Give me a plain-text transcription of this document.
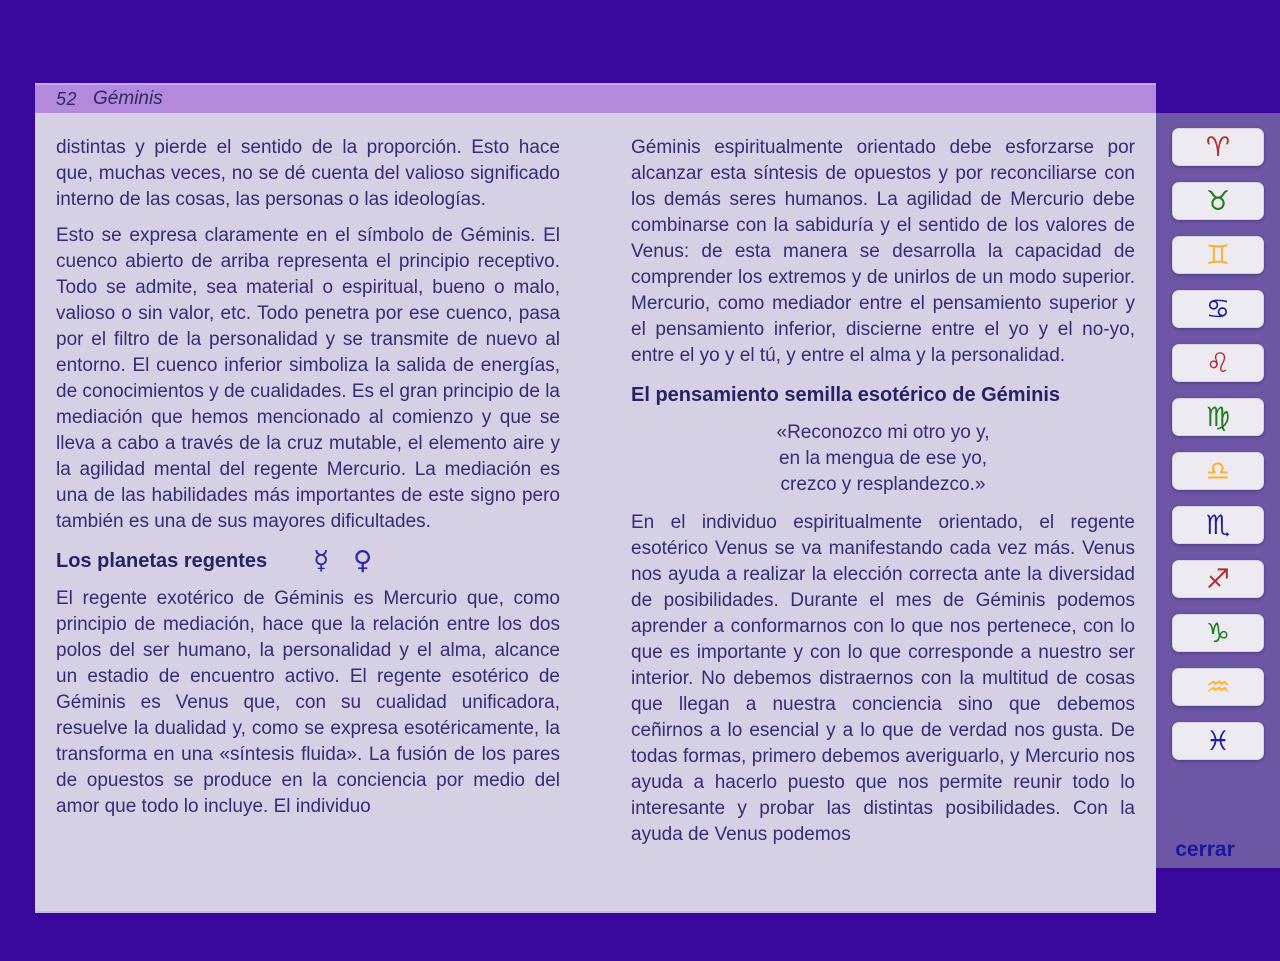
52 Géminis

distintas y pierde el sentido de la proporción. Esto hace que, muchas veces, no se dé cuenta del valioso significado interno de las cosas, las personas o las ideologías.

Esto se expresa claramente en el símbolo de Géminis. El cuenco abierto de arriba representa el principio receptivo. Todo se admite, sea material o espiritual, bueno o malo, valioso o sin valor, etc. Todo penetra por ese cuenco, pasa por el filtro de la personalidad y se transmite de nuevo al entorno. El cuenco inferior simboliza la salida de energías, de conocimientos y de cualidades. Es el gran principio de la mediación que hemos mencionado al comienzo y que se lleva a cabo a través de la cruz mutable, el elemento aire y la agilidad mental del regente Mercurio. La mediación es una de las habilidades más importantes de este signo pero también es una de sus mayores dificultades.

Los planetas regentes ☿ ♀

El regente exotérico de Géminis es Mercurio que, como principio de mediación, hace que la relación entre los dos polos del ser humano, la personalidad y el alma, alcance un estadio de encuentro activo. El regente esotérico de Géminis es Venus que, con su cualidad unificadora, resuelve la dualidad y, como se expresa esotéricamente, la transforma en una «síntesis fluida». La fusión de los pares de opuestos se produce en la conciencia por medio del amor que todo lo incluye. El individuo

Géminis espiritualmente orientado debe esforzarse por alcanzar esta síntesis de opuestos y por reconciliarse con los demás seres humanos. La agilidad de Mercurio debe combinarse con la sabiduría y el sentido de los valores de Venus: de esta manera se desarrolla la capacidad de comprender los extremos y de unirlos de un modo superior. Mercurio, como mediador entre el pensamiento superior y el pensamiento inferior, discierne entre el yo y el no-yo, entre el yo y el tú, y entre el alma y la personalidad.

El pensamiento semilla esotérico de Géminis
«Reconozco mi otro yo y,
en la mengua de ese yo,
crezco y resplandezco.»

En el individuo espiritualmente orientado, el regente esotérico Venus se va manifestando cada vez más. Venus nos ayuda a realizar la elección correcta ante la diversidad de posibilidades. Durante el mes de Géminis podemos aprender a conformarnos con lo que nos pertenece, con lo que es importante y con lo que corresponde a nuestro ser interior. No debemos distraernos con la multitud de cosas que llegan a nuestra conciencia sino que debemos ceñirnos a lo esencial y a lo que de verdad nos gusta. De todas formas, primero debemos averiguarlo, y Mercurio nos ayuda a hacerlo puesto que nos permite reunir todo lo interesante y probar las distintas posibilidades. Con la ayuda de Venus podemos

♈
♉
♊
♋
♌
♍
♎
♏
♐
♑
♒
♓
cerrar
